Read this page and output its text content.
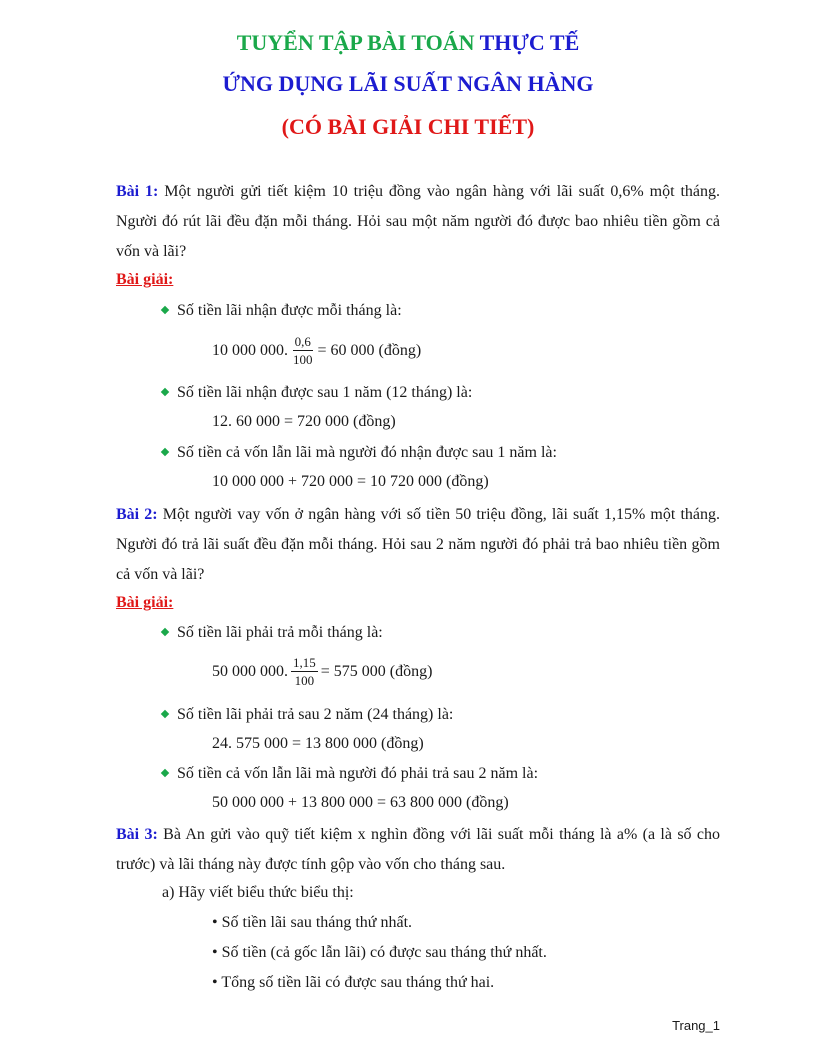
TUYỂN TẬP BÀI TOÁN THỰC TẾ
ỨNG DỤNG LÃI SUẤT NGÂN HÀNG
(CÓ BÀI GIẢI CHI TIẾT)
Bài 1: Một người gửi tiết kiệm 10 triệu đồng vào ngân hàng với lãi suất 0,6% một tháng. Người đó rút lãi đều đặn mỗi tháng. Hỏi sau một năm người đó được bao nhiêu tiền gồm cả vốn và lãi?
Bài giải:
Số tiền lãi nhận được mỗi tháng là:
10 000 000. $\frac{0,6}{100} = 60$ 000 (đồng)
Số tiền lãi nhận được sau 1 năm (12 tháng) là:
12. 60 000 = 720 000 (đồng)
Số tiền cả vốn lẫn lãi mà người đó nhận được sau 1 năm là:
10 000 000 + 720 000 = 10 720 000 (đồng)
Bài 2: Một người vay vốn ở ngân hàng với số tiền 50 triệu đồng, lãi suất 1,15% một tháng. Người đó trả lãi suất đều đặn mỗi tháng. Hỏi sau 2 năm người đó phải trả bao nhiêu tiền gồm cả vốn và lãi?
Bài giải:
Số tiền lãi phải trả mỗi tháng là:
50 000 000. $\frac{1,15}{100} = 575$ 000 (đồng)
Số tiền lãi phải trả sau 2 năm (24 tháng) là:
24. 575 000 = 13 800 000 (đồng)
Số tiền cả vốn lẫn lãi mà người đó phải trả sau 2 năm là:
50 000 000 + 13 800 000 = 63 800 000 (đồng)
Bài 3: Bà An gửi vào quỹ tiết kiệm x nghìn đồng với lãi suất mỗi tháng là a% (a là số cho trước) và lãi tháng này được tính gộp vào vốn cho tháng sau.
a) Hãy viết biểu thức biểu thị:
• Số tiền lãi sau tháng thứ nhất.
• Số tiền (cả gốc lẫn lãi) có được sau tháng thứ nhất.
• Tổng số tiền lãi có được sau tháng thứ hai.
Trang_1
